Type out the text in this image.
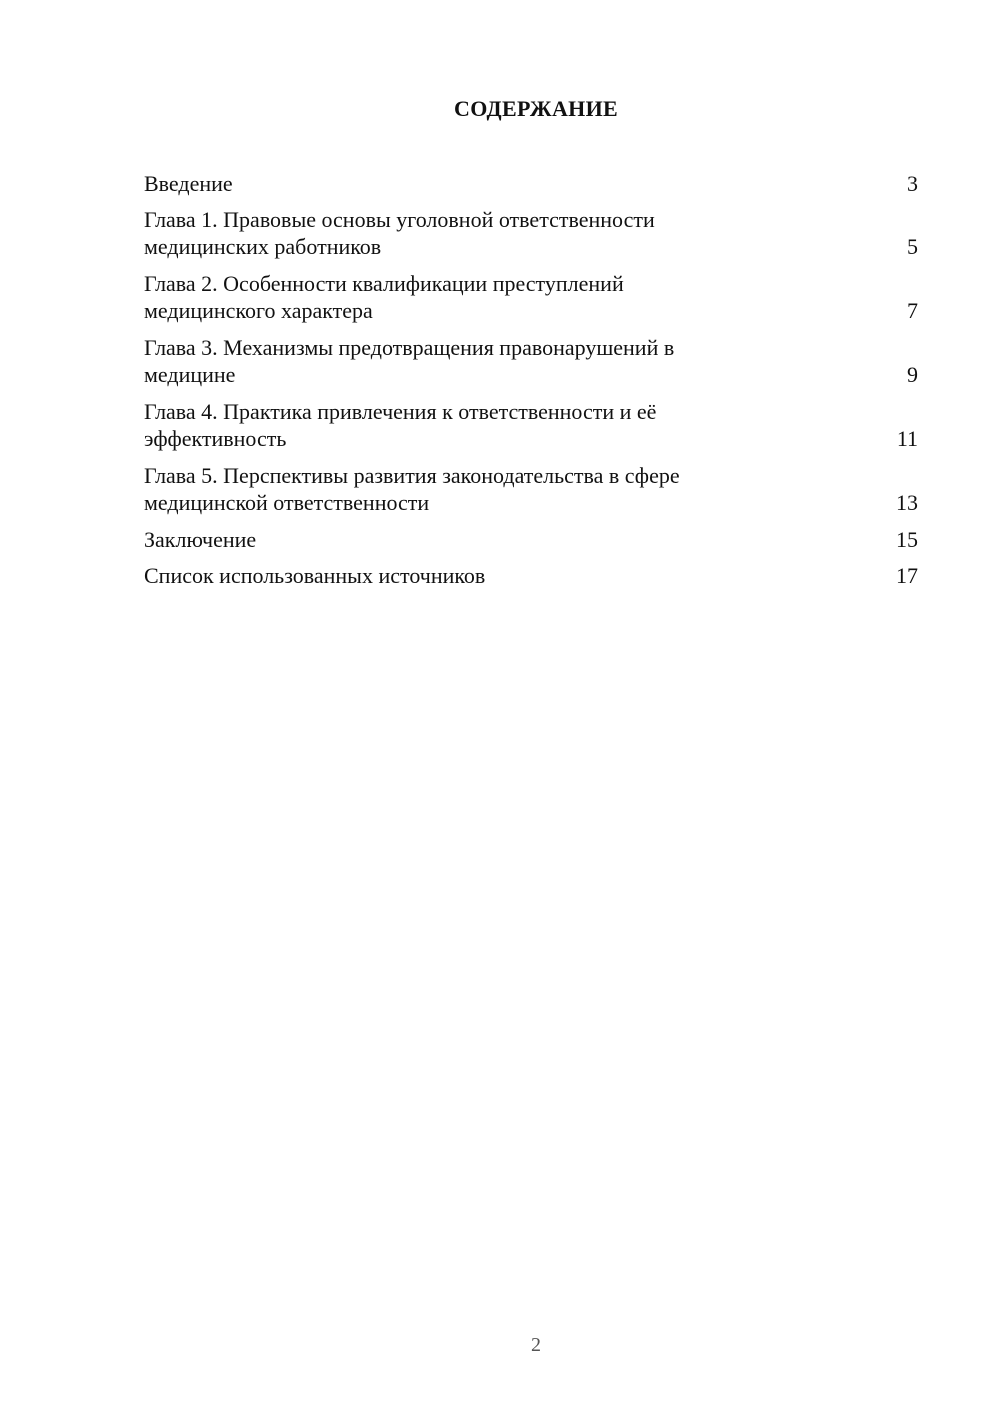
СОДЕРЖАНИЕ
Введение	3
Глава 1. Правовые основы уголовной ответственности
медицинских работников	5
Глава 2. Особенности квалификации преступлений
медицинского характера	7
Глава 3. Механизмы предотвращения правонарушений в
медицине	9
Глава 4. Практика привлечения к ответственности и её
эффективность	11
Глава 5. Перспективы развития законодательства в сфере
медицинской ответственности	13
Заключение	15
Список использованных источников	17
2
